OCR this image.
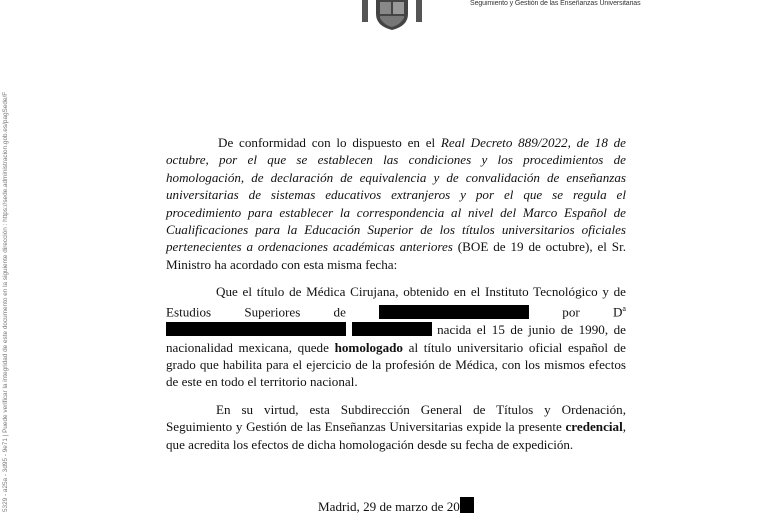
Seguimiento y Gestión de las Enseñanzas Universitarias
5329 - a25a - 3d95 - 9e71 | Puede verificar la integridad de este documento en la siguiente dirección : https://sede.administracion.gob.es/pagSede/F	De conformidad con lo dispuesto en el Real Decreto 889/2022, de 18 de octubre, por el que se establecen las condiciones y los procedimientos de homologación, de declaración de equivalencia y de convalidación de enseñanzas universitarias de sistemas educativos extranjeros y por el que se regula el procedimiento para establecer la correspondencia al nivel del Marco Español de Cualificaciones para la Educación Superior de los títulos universitarios oficiales pertenecientes a ordenaciones académicas anteriores (BOE de 19 de octubre), el Sr. Ministro ha acordado con esta misma fecha:
Que el título de Médica Cirujana, obtenido en el Instituto Tecnológico y de Estudios Superiores de	por $D^a$  nacida el 15 de junio de 1990, de nacionalidad mexicana, quede homologado al título universitario oficial español de grado que habilita para el ejercicio de la profesión de Médica, con los mismos efectos de este en todo el territorio nacional.
En su virtud, esta Subdirección General de Títulos y Ordenación, Seguimiento y Gestión de las Enseñanzas Universitarias expide la presente credencial, que acredita los efectos de dicha homologación desde su fecha de expedición.
Madrid, 29 de marzo de 20
